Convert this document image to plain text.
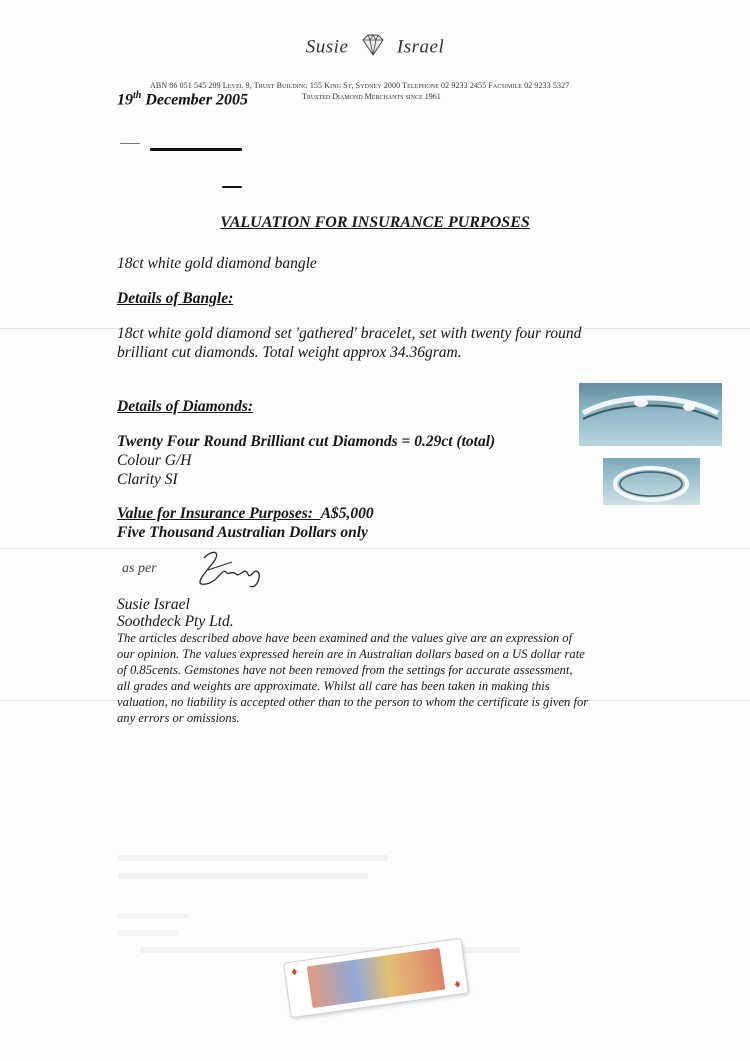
Susie	Israel
ABN 86 051 545 209 Level 9, Trust Building 155 King St, Sydney 2000 Telephone 02 9233 2455 Facsimile 02 9233 5327
Trusted Diamond Merchants since 1961
19th December 2005
VALUATION FOR INSURANCE PURPOSES
18ct white gold diamond bangle
Details of Bangle:
18ct white gold diamond set 'gathered' bracelet, set with twenty four round
brilliant cut diamonds. Total weight approx 34.36gram.
Details of Diamonds:
Twenty Four Round Brilliant cut Diamonds = 0.29ct (total)
Colour G/H
Clarity SI
Value for Insurance Purposes: A$5,000
Five Thousand Australian Dollars only
as per
Susie Israel
Soothdeck Pty Ltd.
The articles described above have been examined and the values give are an expression of
our opinion. The values expressed herein are in Australian dollars based on a US dollar rate
of 0.85cents. Gemstones have not been removed from the settings for accurate assessment,
all grades and weights are approximate. Whilst all care has been taken in making this
valuation, no liability is accepted other than to the person to whom the certificate is given for
any errors or omissions.
♦
♦
